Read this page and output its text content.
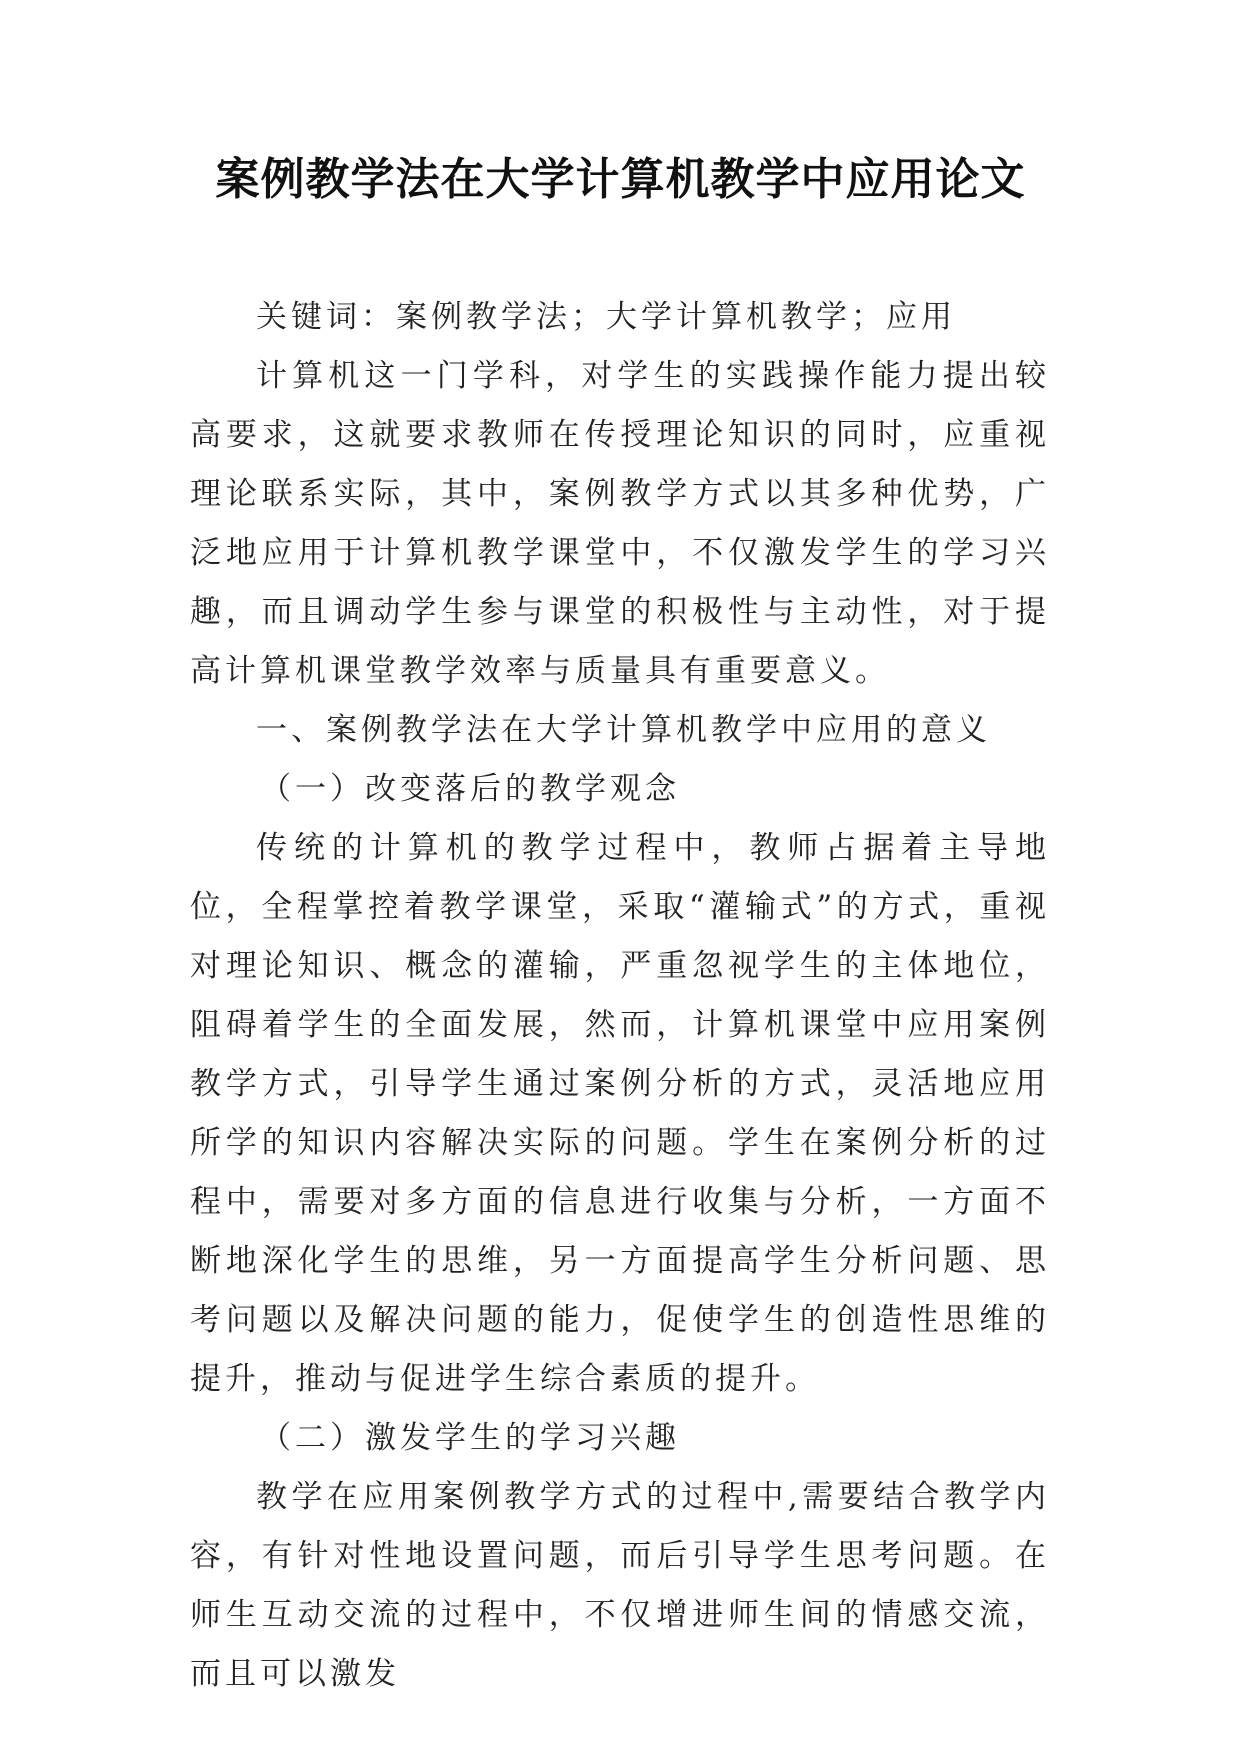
案例教学法在大学计算机教学中应用论文

关键词：案例教学法；大学计算机教学；应用

计算机这一门学科，对学生的实践操作能力提出较高要求，这就要求教师在传授理论知识的同时，应重视理论联系实际，其中，案例教学方式以其多种优势，广泛地应用于计算机教学课堂中，不仅激发学生的学习兴趣，而且调动学生参与课堂的积极性与主动性，对于提高计算机课堂教学效率与质量具有重要意义。

一、案例教学法在大学计算机教学中应用的意义

（一）改变落后的教学观念

传统的计算机的教学过程中，教师占据着主导地位，全程掌控着教学课堂，采取“灌输式”的方式，重视对理论知识、概念的灌输，严重忽视学生的主体地位，阻碍着学生的全面发展，然而，计算机课堂中应用案例教学方式，引导学生通过案例分析的方式，灵活地应用所学的知识内容解决实际的问题。学生在案例分析的过程中，需要对多方面的信息进行收集与分析，一方面不断地深化学生的思维，另一方面提高学生分析问题、思考问题以及解决问题的能力，促使学生的创造性思维的提升，推动与促进学生综合素质的提升。

（二）激发学生的学习兴趣

教学在应用案例教学方式的过程中,需要结合教学内容，有针对性地设置问题，而后引导学生思考问题。在师生互动交流的过程中，不仅增进师生间的情感交流，而且可以激发
